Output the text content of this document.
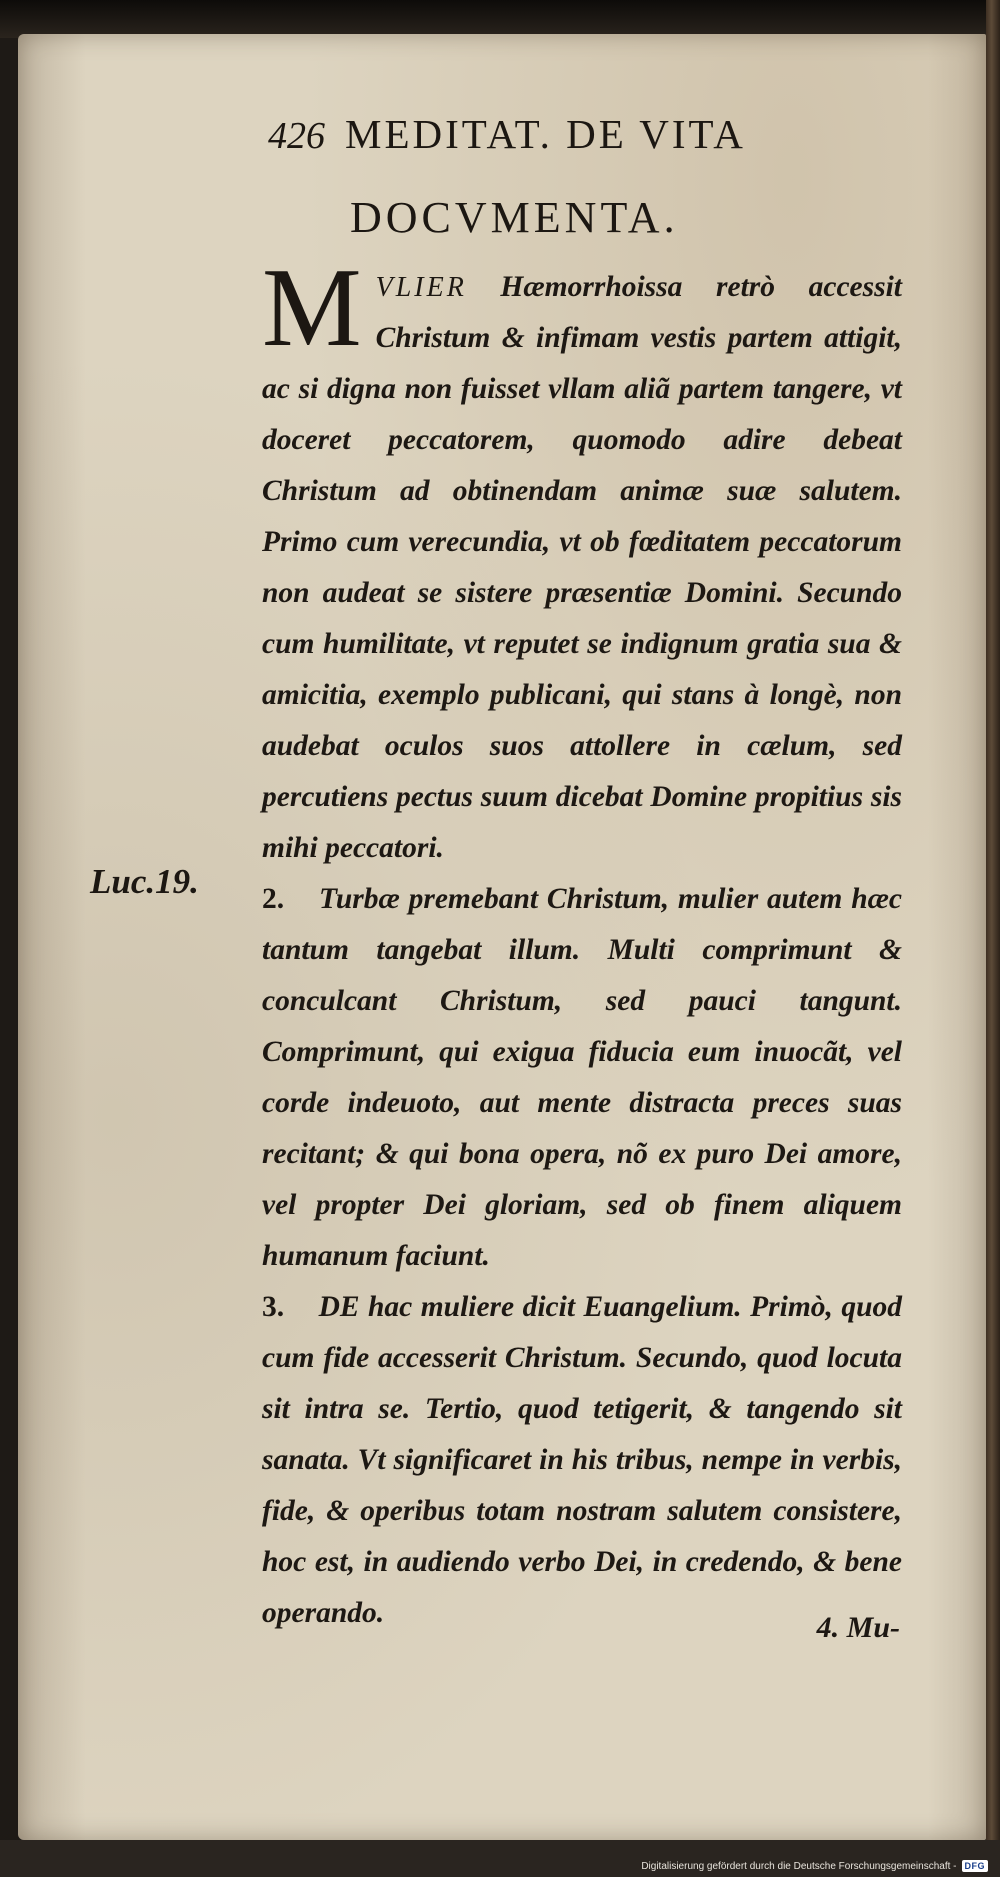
426 MEDITAT. DE VITA
DOCVMENTA.
Luc.19.

M VLIER Hæmorrhoissa retrò accessit Christum & infimam vestis partem attigit, ac si digna non fuisset vllam aliã partem tangere, vt doceret peccatorem, quomodo adire debeat Christum ad obtinendam animæ suæ salutem. Primo cum verecundia, vt ob fœditatem peccatorum non audeat se sistere præsentiæ Domini. Secundo cum humilitate, vt reputet se indignum gratia sua & amicitia, exemplo publicani, qui stans à longè, non audebat oculos suos attollere in cælum, sed percutiens pectus suum dicebat Domine propitius sis mihi peccatori.

2. Turbæ premebant Christum, mulier autem hæc tantum tangebat illum. Multi comprimunt & conculcant Christum, sed pauci tangunt. Comprimunt, qui exigua fiducia eum inuocãt, vel corde indeuoto, aut mente distracta preces suas recitant; & qui bona opera, nõ ex puro Dei amore, vel propter Dei gloriam, sed ob finem aliquem humanum faciunt.

3. DE hac muliere dicit Euangelium. Primò, quod cum fide accesserit Christum. Secundo, quod locuta sit intra se. Tertio, quod tetigerit, & tangendo sit sanata. Vt significaret in his tribus, nempe in verbis, fide, & operibus totam nostram salutem consistere, hoc est, in audiendo verbo Dei, in credendo, & bene operando.	4. Mu-
Digitalisierung gefördert durch die Deutsche Forschungsgemeinschaft - DFG
